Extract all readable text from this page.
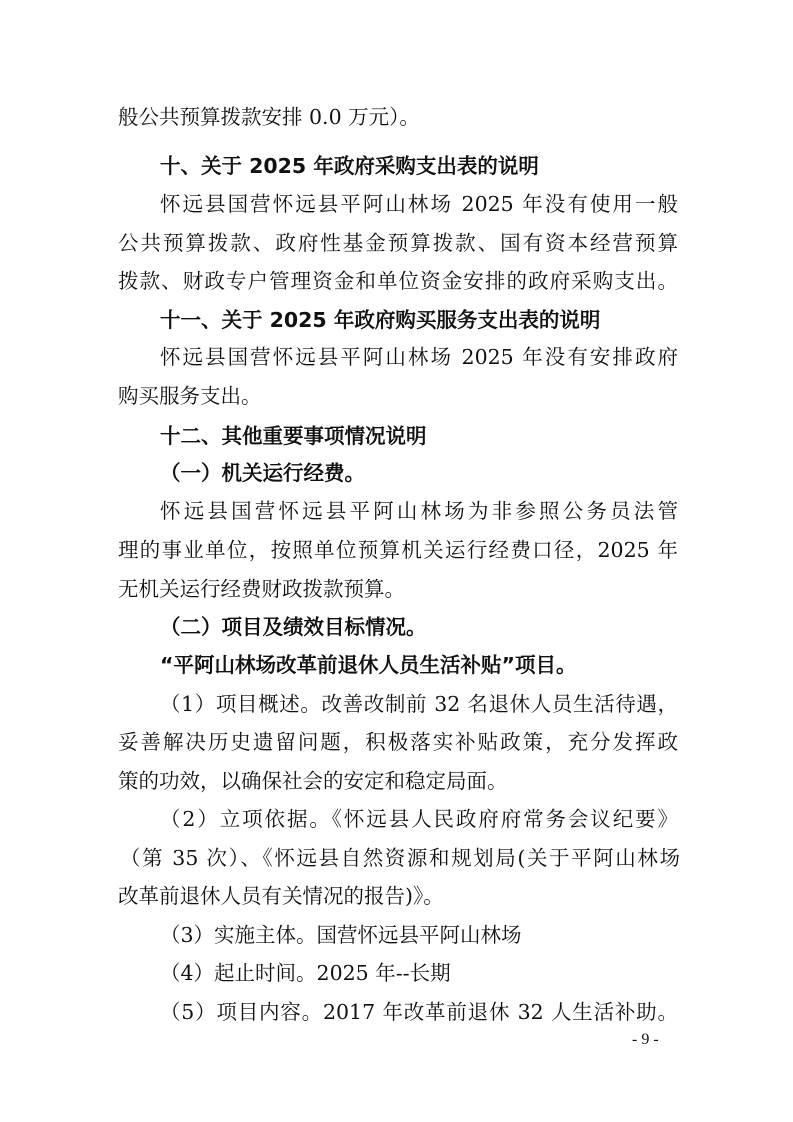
般公共预算拨款安排 0.0 万元）。
十、关于 2025 年政府采购支出表的说明
怀远县国营怀远县平阿山林场 2025 年没有使用一般
公共预算拨款、政府性基金预算拨款、国有资本经营预算
拨款、财政专户管理资金和单位资金安排的政府采购支出。
十一、关于 2025 年政府购买服务支出表的说明
怀远县国营怀远县平阿山林场 2025 年没有安排政府
购买服务支出。
十二、其他重要事项情况说明
（一）机关运行经费。
怀远县国营怀远县平阿山林场为非参照公务员法管
理的事业单位，按照单位预算机关运行经费口径，2025 年
无机关运行经费财政拨款预算。
（二）项目及绩效目标情况。
“平阿山林场改革前退休人员生活补贴”项目。
（1）项目概述。改善改制前 32 名退休人员生活待遇，
妥善解决历史遗留问题，积极落实补贴政策，充分发挥政
策的功效，以确保社会的安定和稳定局面。
（2）立项依据。《怀远县人民政府府常务会议纪要》
（第 35 次）、《怀远县自然资源和规划局(关于平阿山林场
改革前退休人员有关情况的报告)》。
（3）实施主体。国营怀远县平阿山林场
（4）起止时间。2025 年--长期
（5）项目内容。2017 年改革前退休 32 人生活补助。
- 9 -
